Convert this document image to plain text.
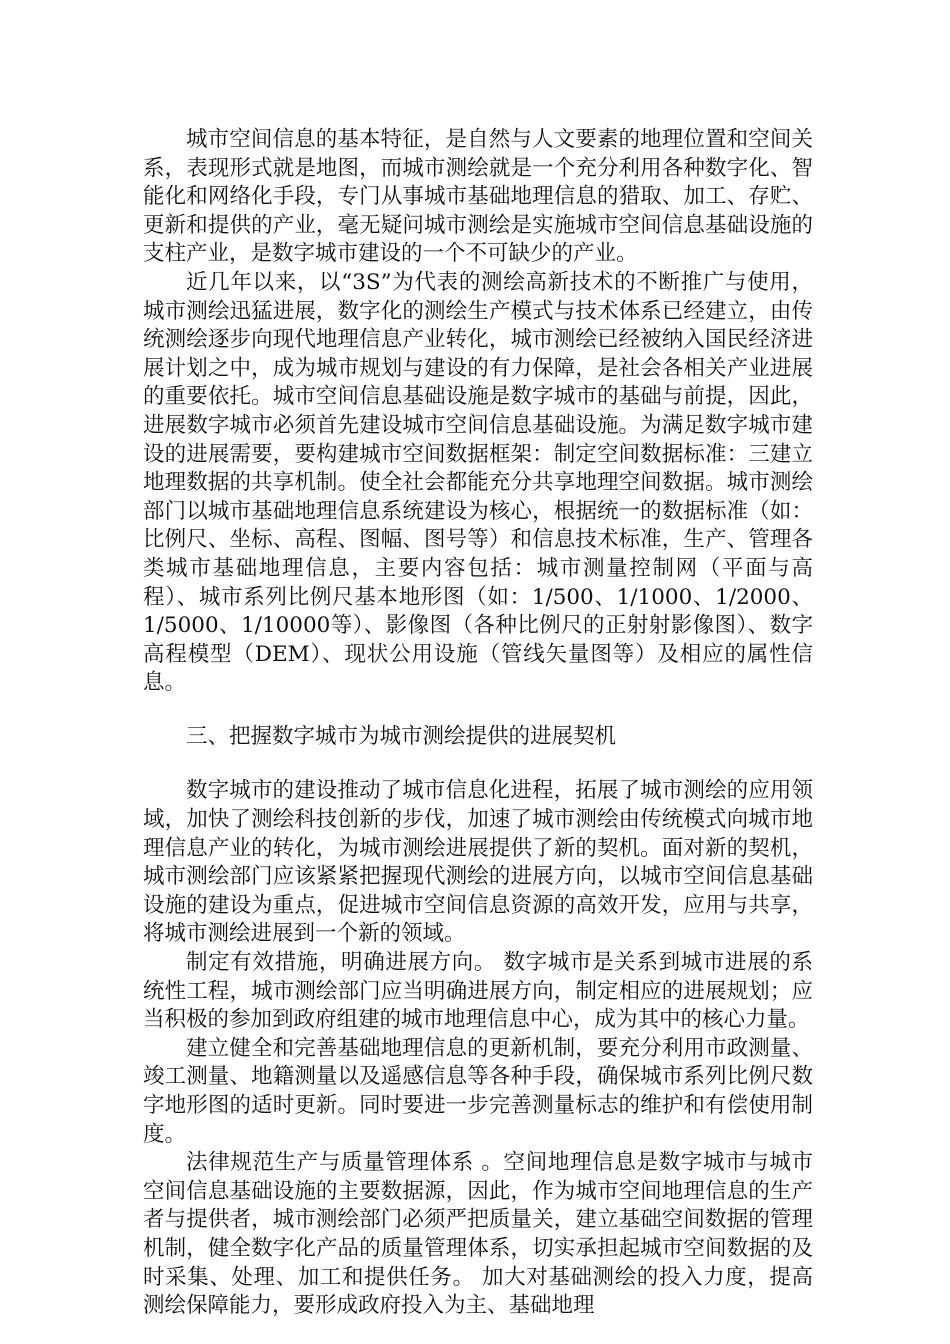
城市空间信息的基本特征，是自然与人文要素的地理位置和空间关系，表现形式就是地图，而城市测绘就是一个充分利用各种数字化、智能化和网络化手段，专门从事城市基础地理信息的猎取、加工、存贮、更新和提供的产业，毫无疑问城市测绘是实施城市空间信息基础设施的支柱产业，是数字城市建设的一个不可缺少的产业。

近几年以来，以“3S”为代表的测绘高新技术的不断推广与使用，城市测绘迅猛进展，数字化的测绘生产模式与技术体系已经建立，由传统测绘逐步向现代地理信息产业转化，城市测绘已经被纳入国民经济进展计划之中，成为城市规划与建设的有力保障，是社会各相关产业进展的重要依托。城市空间信息基础设施是数字城市的基础与前提，因此，进展数字城市必须首先建设城市空间信息基础设施。为满足数字城市建设的进展需要，要构建城市空间数据框架：制定空间数据标准：三建立地理数据的共享机制。使全社会都能充分共享地理空间数据。城市测绘部门以城市基础地理信息系统建设为核心，根据统一的数据标准（如：比例尺、坐标、高程、图幅、图号等）和信息技术标准，生产、管理各类城市基础地理信息，主要内容包括：城市测量控制网（平面与高程）、城市系列比例尺基本地形图（如：1/500、1/1000、1/2000、1/5000、1/10000等）、影像图（各种比例尺的正射射影像图）、数字高程模型（DEM）、现状公用设施（管线矢量图等）及相应的属性信息。

三、把握数字城市为城市测绘提供的进展契机

数字城市的建设推动了城市信息化进程，拓展了城市测绘的应用领域，加快了测绘科技创新的步伐，加速了城市测绘由传统模式向城市地理信息产业的转化，为城市测绘进展提供了新的契机。面对新的契机，城市测绘部门应该紧紧把握现代测绘的进展方向，以城市空间信息基础设施的建设为重点，促进城市空间信息资源的高效开发，应用与共享，将城市测绘进展到一个新的领域。

制定有效措施，明确进展方向。 数字城市是关系到城市进展的系统性工程，城市测绘部门应当明确进展方向，制定相应的进展规划；应当积极的参加到政府组建的城市地理信息中心，成为其中的核心力量。

建立健全和完善基础地理信息的更新机制，要充分利用市政测量、竣工测量、地籍测量以及遥感信息等各种手段，确保城市系列比例尺数字地形图的适时更新。同时要进一步完善测量标志的维护和有偿使用制度。

法律规范生产与质量管理体系 。空间地理信息是数字城市与城市空间信息基础设施的主要数据源，因此，作为城市空间地理信息的生产者与提供者，城市测绘部门必须严把质量关，建立基础空间数据的管理机制，健全数字化产品的质量管理体系，切实承担起城市空间数据的及时采集、处理、加工和提供任务。 加大对基础测绘的投入力度，提高测绘保障能力，要形成政府投入为主、基础地理
